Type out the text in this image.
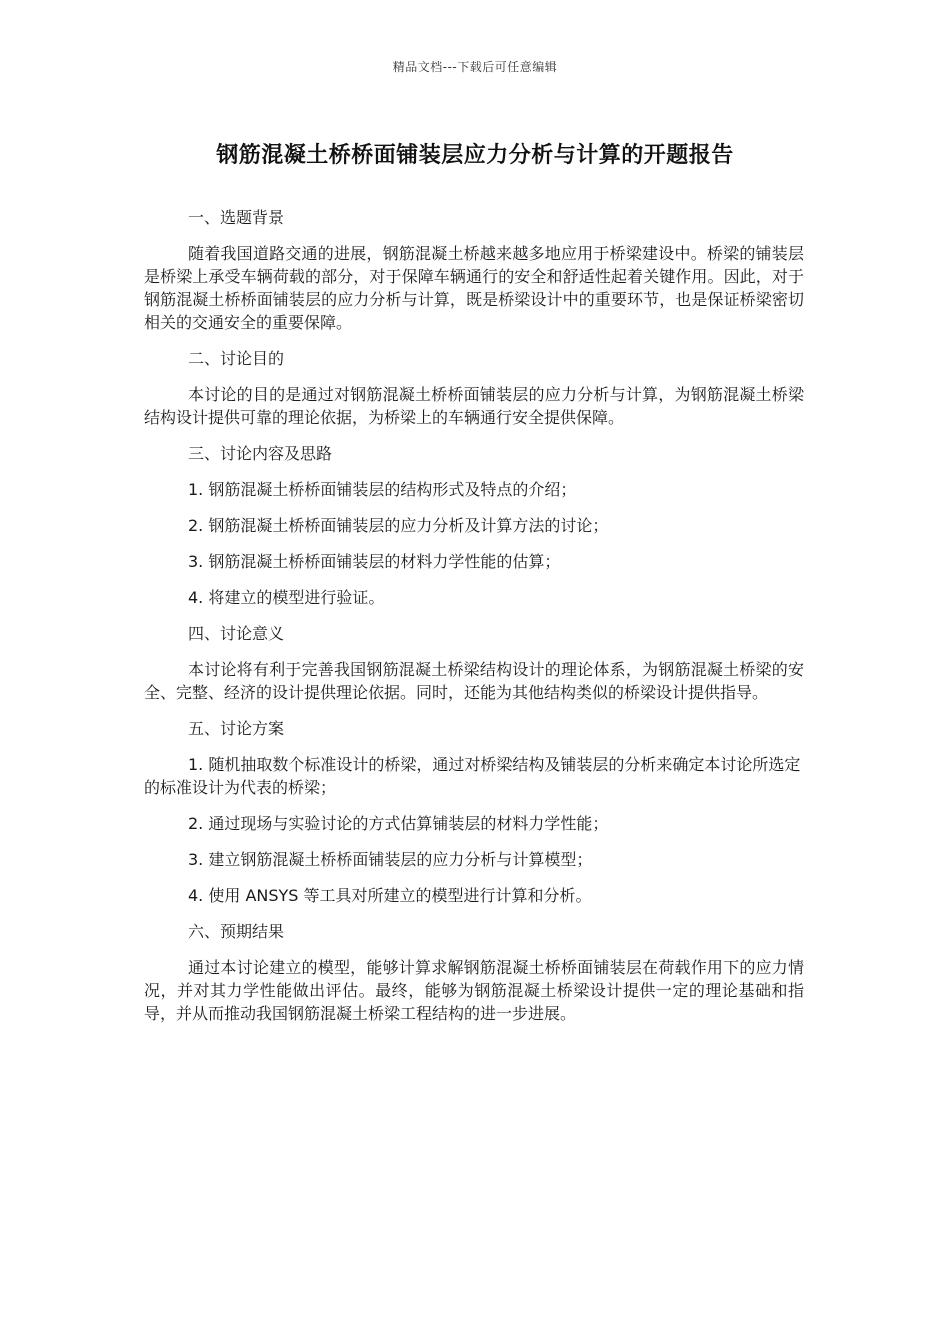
精品文档---下载后可任意编辑
钢筋混凝土桥桥面铺装层应力分析与计算的开题报告

一、选题背景

随着我国道路交通的进展，钢筋混凝土桥越来越多地应用于桥梁建设中。桥梁的铺装层是桥梁上承受车辆荷载的部分，对于保障车辆通行的安全和舒适性起着关键作用。因此，对于钢筋混凝土桥桥面铺装层的应力分析与计算，既是桥梁设计中的重要环节，也是保证桥梁密切相关的交通安全的重要保障。

二、讨论目的

本讨论的目的是通过对钢筋混凝土桥桥面铺装层的应力分析与计算，为钢筋混凝土桥梁结构设计提供可靠的理论依据，为桥梁上的车辆通行安全提供保障。

三、讨论内容及思路

1. 钢筋混凝土桥桥面铺装层的结构形式及特点的介绍；

2. 钢筋混凝土桥桥面铺装层的应力分析及计算方法的讨论；

3. 钢筋混凝土桥桥面铺装层的材料力学性能的估算；

4. 将建立的模型进行验证。

四、讨论意义

本讨论将有利于完善我国钢筋混凝土桥梁结构设计的理论体系，为钢筋混凝土桥梁的安全、完整、经济的设计提供理论依据。同时，还能为其他结构类似的桥梁设计提供指导。

五、讨论方案

1. 随机抽取数个标准设计的桥梁，通过对桥梁结构及铺装层的分析来确定本讨论所选定的标准设计为代表的桥梁；

2. 通过现场与实验讨论的方式估算铺装层的材料力学性能；

3. 建立钢筋混凝土桥桥面铺装层的应力分析与计算模型；

4. 使用 ANSYS 等工具对所建立的模型进行计算和分析。

六、预期结果

通过本讨论建立的模型，能够计算求解钢筋混凝土桥桥面铺装层在荷载作用下的应力情况，并对其力学性能做出评估。最终，能够为钢筋混凝土桥梁设计提供一定的理论基础和指导，并从而推动我国钢筋混凝土桥梁工程结构的进一步进展。
